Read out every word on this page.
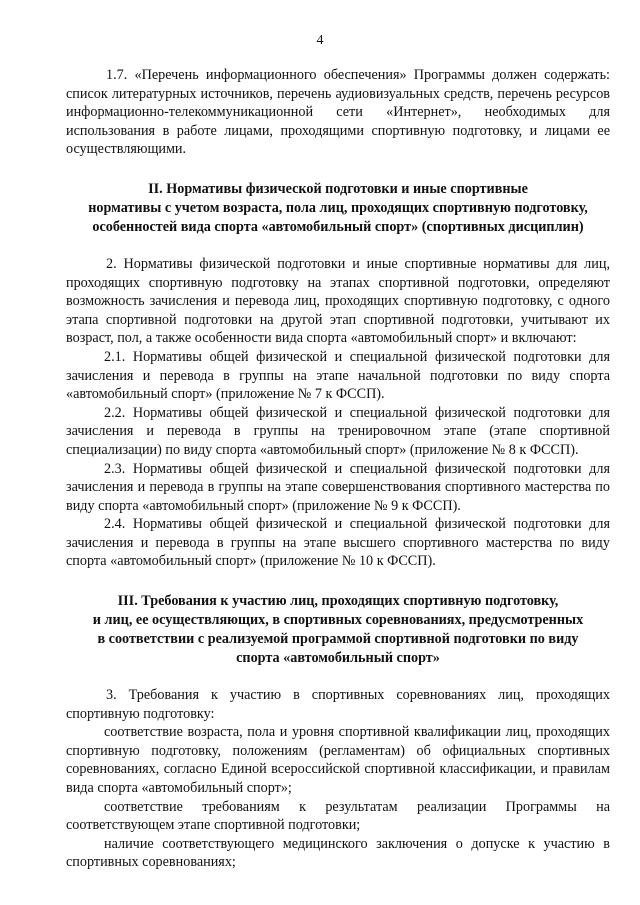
4

1.7. «Перечень информационного обеспечения» Программы должен содержать: список литературных источников, перечень аудиовизуальных средств, перечень ресурсов информационно-телекоммуникационной сети «Интернет», необходимых для использования в работе лицами, проходящими спортивную подготовку, и лицами ее осуществляющими.

II. Нормативы физической подготовки и иные спортивные
нормативы с учетом возраста, пола лиц, проходящих спортивную подготовку,
особенностей вида спорта «автомобильный спорт» (спортивных дисциплин)

2. Нормативы физической подготовки и иные спортивные нормативы для лиц, проходящих спортивную подготовку на этапах спортивной подготовки, определяют возможность зачисления и перевода лиц, проходящих спортивную подготовку, с одного этапа спортивной подготовки на другой этап спортивной подготовки, учитывают их возраст, пол, а также особенности вида спорта «автомобильный спорт» и включают:

2.1. Нормативы общей физической и специальной физической подготовки для зачисления и перевода в группы на этапе начальной подготовки по виду спорта «автомобильный спорт» (приложение № 7 к ФССП).

2.2. Нормативы общей физической и специальной физической подготовки для зачисления и перевода в группы на тренировочном этапе (этапе спортивной специализации) по виду спорта «автомобильный спорт» (приложение № 8 к ФССП).

2.3. Нормативы общей физической и специальной физической подготовки для зачисления и перевода в группы на этапе совершенствования спортивного мастерства по виду спорта «автомобильный спорт» (приложение № 9 к ФССП).

2.4. Нормативы общей физической и специальной физической подготовки для зачисления и перевода в группы на этапе высшего спортивного мастерства по виду спорта «автомобильный спорт» (приложение № 10 к ФССП).

III. Требования к участию лиц, проходящих спортивную подготовку,
и лиц, ее осуществляющих, в спортивных соревнованиях, предусмотренных
в соответствии с реализуемой программой спортивной подготовки по виду
спорта «автомобильный спорт»

3. Требования к участию в спортивных соревнованиях лиц, проходящих спортивную подготовку:

соответствие возраста, пола и уровня спортивной квалификации лиц, проходящих спортивную подготовку, положениям (регламентам) об официальных спортивных соревнованиях, согласно Единой всероссийской спортивной классификации, и правилам вида спорта «автомобильный спорт»;

соответствие требованиям к результатам реализации Программы на соответствующем этапе спортивной подготовки;

наличие соответствующего медицинского заключения о допуске к участию в спортивных соревнованиях;
